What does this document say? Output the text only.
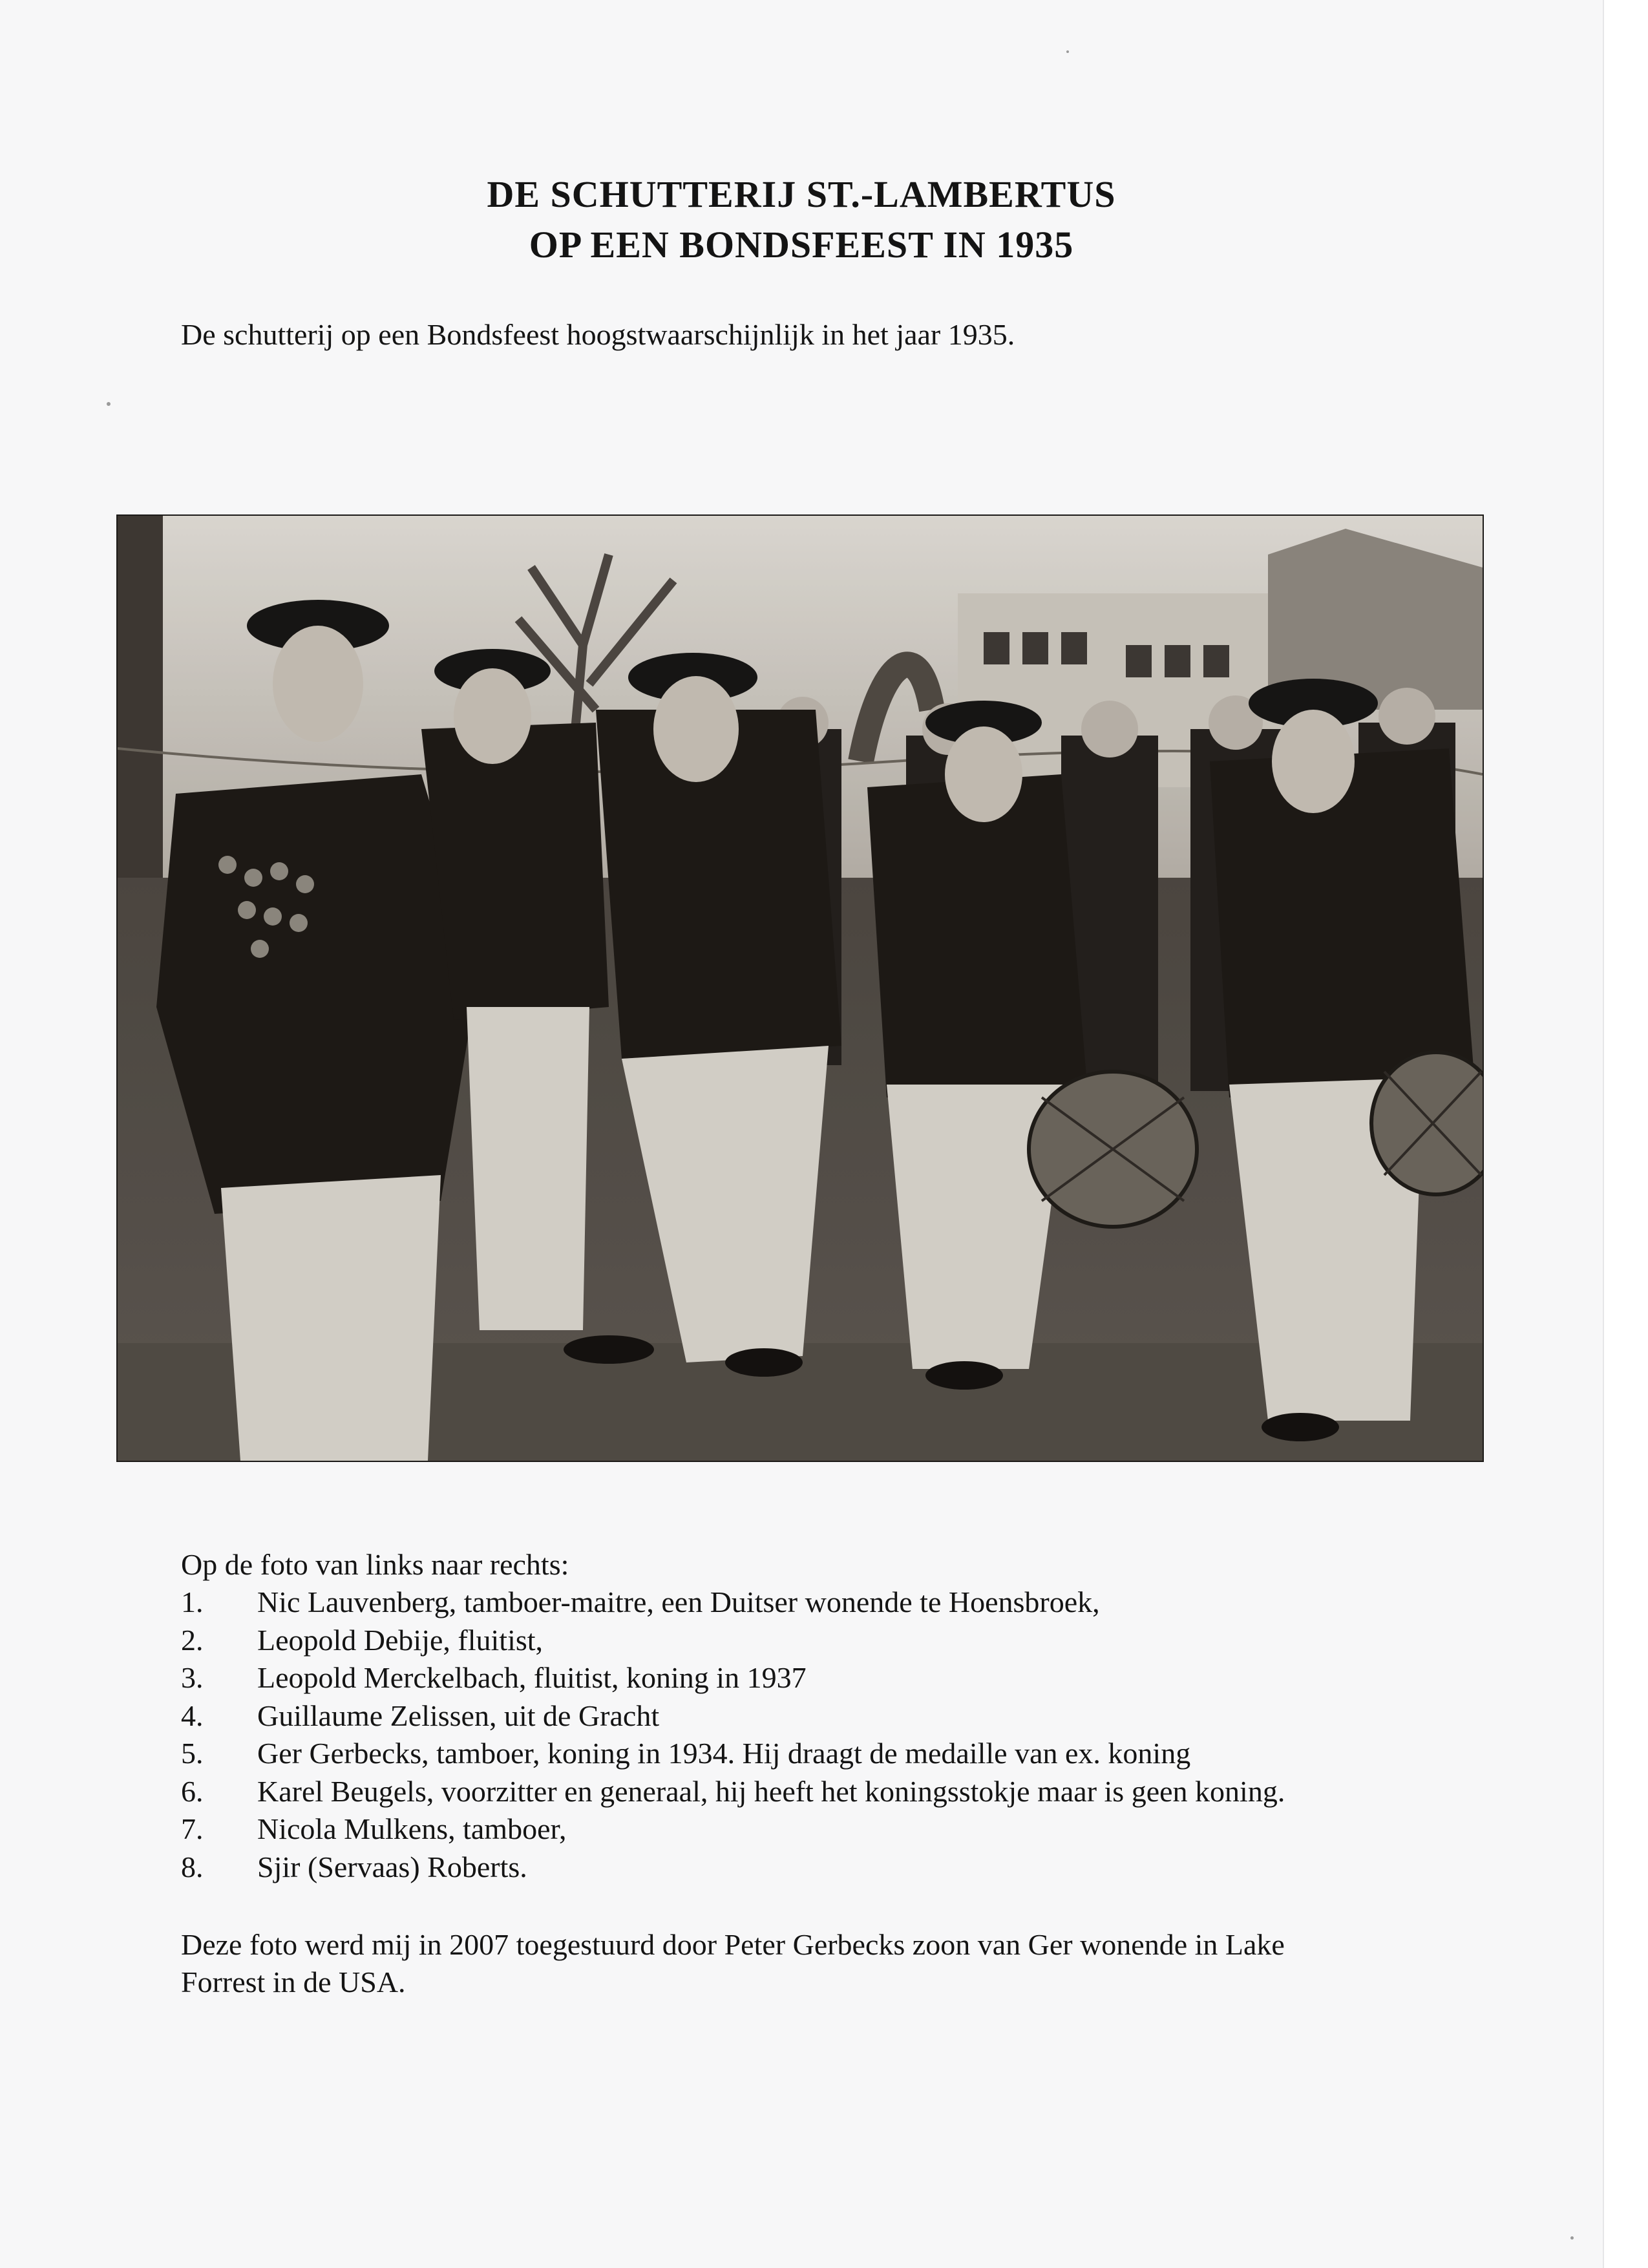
DE SCHUTTERIJ ST.-LAMBERTUS
OP EEN BONDSFEEST IN 1935
De schutterij op een Bondsfeest hoogstwaarschijnlijk in het jaar 1935.
Op de foto van links naar rechts:
1.	Nic Lauvenberg, tamboer-maitre, een Duitser wonende te Hoensbroek,
2.	Leopold Debije, fluitist,
3.	Leopold Merckelbach, fluitist, koning in 1937
4.	Guillaume Zelissen, uit de Gracht
5.	Ger Gerbecks, tamboer, koning in 1934. Hij draagt de medaille van ex. koning
6.	Karel Beugels, voorzitter en generaal, hij heeft het koningsstokje maar is geen koning.
7.	Nicola Mulkens, tamboer,
8.	Sjir (Servaas) Roberts.
Deze foto werd mij in 2007 toegestuurd door Peter Gerbecks zoon van Ger wonende in Lake
Forrest in de USA.
